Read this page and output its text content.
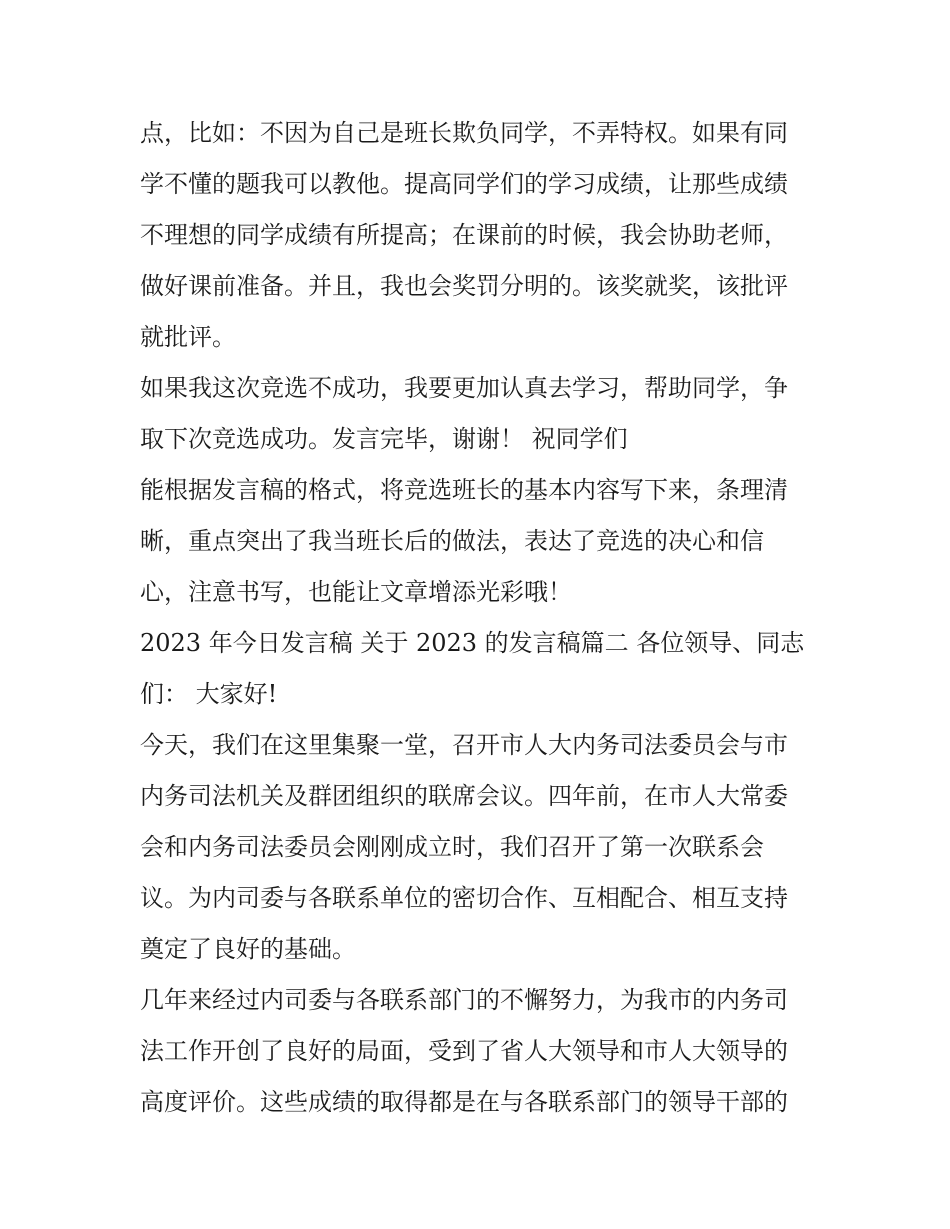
点，比如：不因为自己是班长欺负同学，不弄特权。如果有同
学不懂的题我可以教他。提高同学们的学习成绩，让那些成绩
不理想的同学成绩有所提高；在课前的时候，我会协助老师，
做好课前准备。并且，我也会奖罚分明的。该奖就奖，该批评
就批评。
如果我这次竞选不成功，我要更加认真去学习，帮助同学，争
取下次竞选成功。发言完毕，谢谢！ 祝同学们
能根据发言稿的格式，将竞选班长的基本内容写下来，条理清
晰，重点突出了我当班长后的做法，表达了竞选的决心和信
心，注意书写，也能让文章增添光彩哦！
2023 年今日发言稿 关于 2023 的发言稿篇二 各位领导、同志
们： 大家好!
今天，我们在这里集聚一堂，召开市人大内务司法委员会与市
内务司法机关及群团组织的联席会议。四年前，在市人大常委
会和内务司法委员会刚刚成立时，我们召开了第一次联系会
议。为内司委与各联系单位的密切合作、互相配合、相互支持
奠定了良好的基础。
几年来经过内司委与各联系部门的不懈努力，为我市的内务司
法工作开创了良好的局面，受到了省人大领导和市人大领导的
高度评价。这些成绩的取得都是在与各联系部门的领导干部的
